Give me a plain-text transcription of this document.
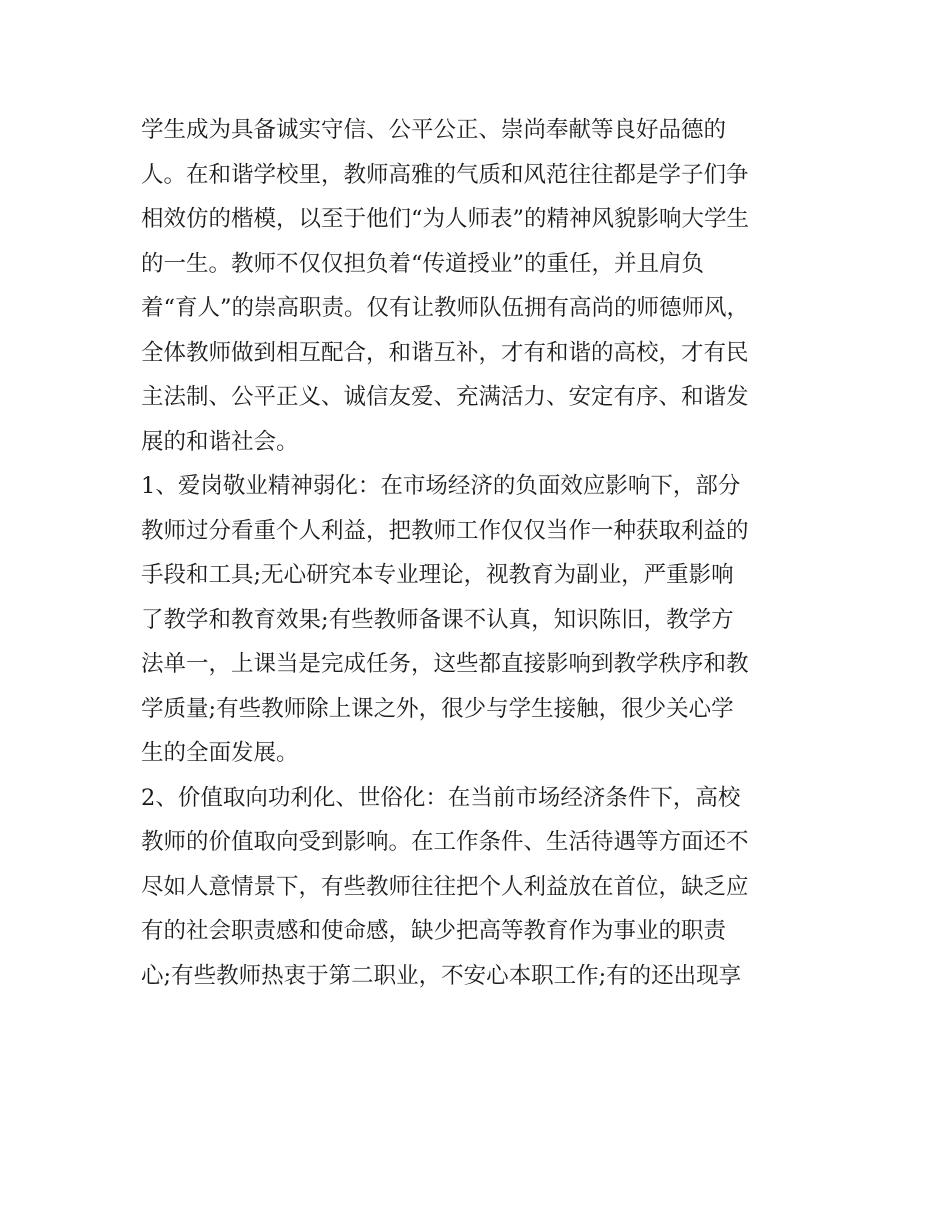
学生成为具备诚实守信、公平公正、崇尚奉献等良好品德的
人。在和谐学校里，教师高雅的气质和风范往往都是学子们争
相效仿的楷模，以至于他们“为人师表”的精神风貌影响大学生
的一生。教师不仅仅担负着“传道授业”的重任，并且肩负
着“育人”的崇高职责。仅有让教师队伍拥有高尚的师德师风，
全体教师做到相互配合，和谐互补，才有和谐的高校，才有民
主法制、公平正义、诚信友爱、充满活力、安定有序、和谐发
展的和谐社会。
1、爱岗敬业精神弱化：在市场经济的负面效应影响下，部分
教师过分看重个人利益，把教师工作仅仅当作一种获取利益的
手段和工具;无心研究本专业理论，视教育为副业，严重影响
了教学和教育效果;有些教师备课不认真，知识陈旧，教学方
法单一，上课当是完成任务，这些都直接影响到教学秩序和教
学质量;有些教师除上课之外，很少与学生接触，很少关心学
生的全面发展。
2、价值取向功利化、世俗化：在当前市场经济条件下，高校
教师的价值取向受到影响。在工作条件、生活待遇等方面还不
尽如人意情景下，有些教师往往把个人利益放在首位，缺乏应
有的社会职责感和使命感，缺少把高等教育作为事业的职责
心;有些教师热衷于第二职业，不安心本职工作;有的还出现享
